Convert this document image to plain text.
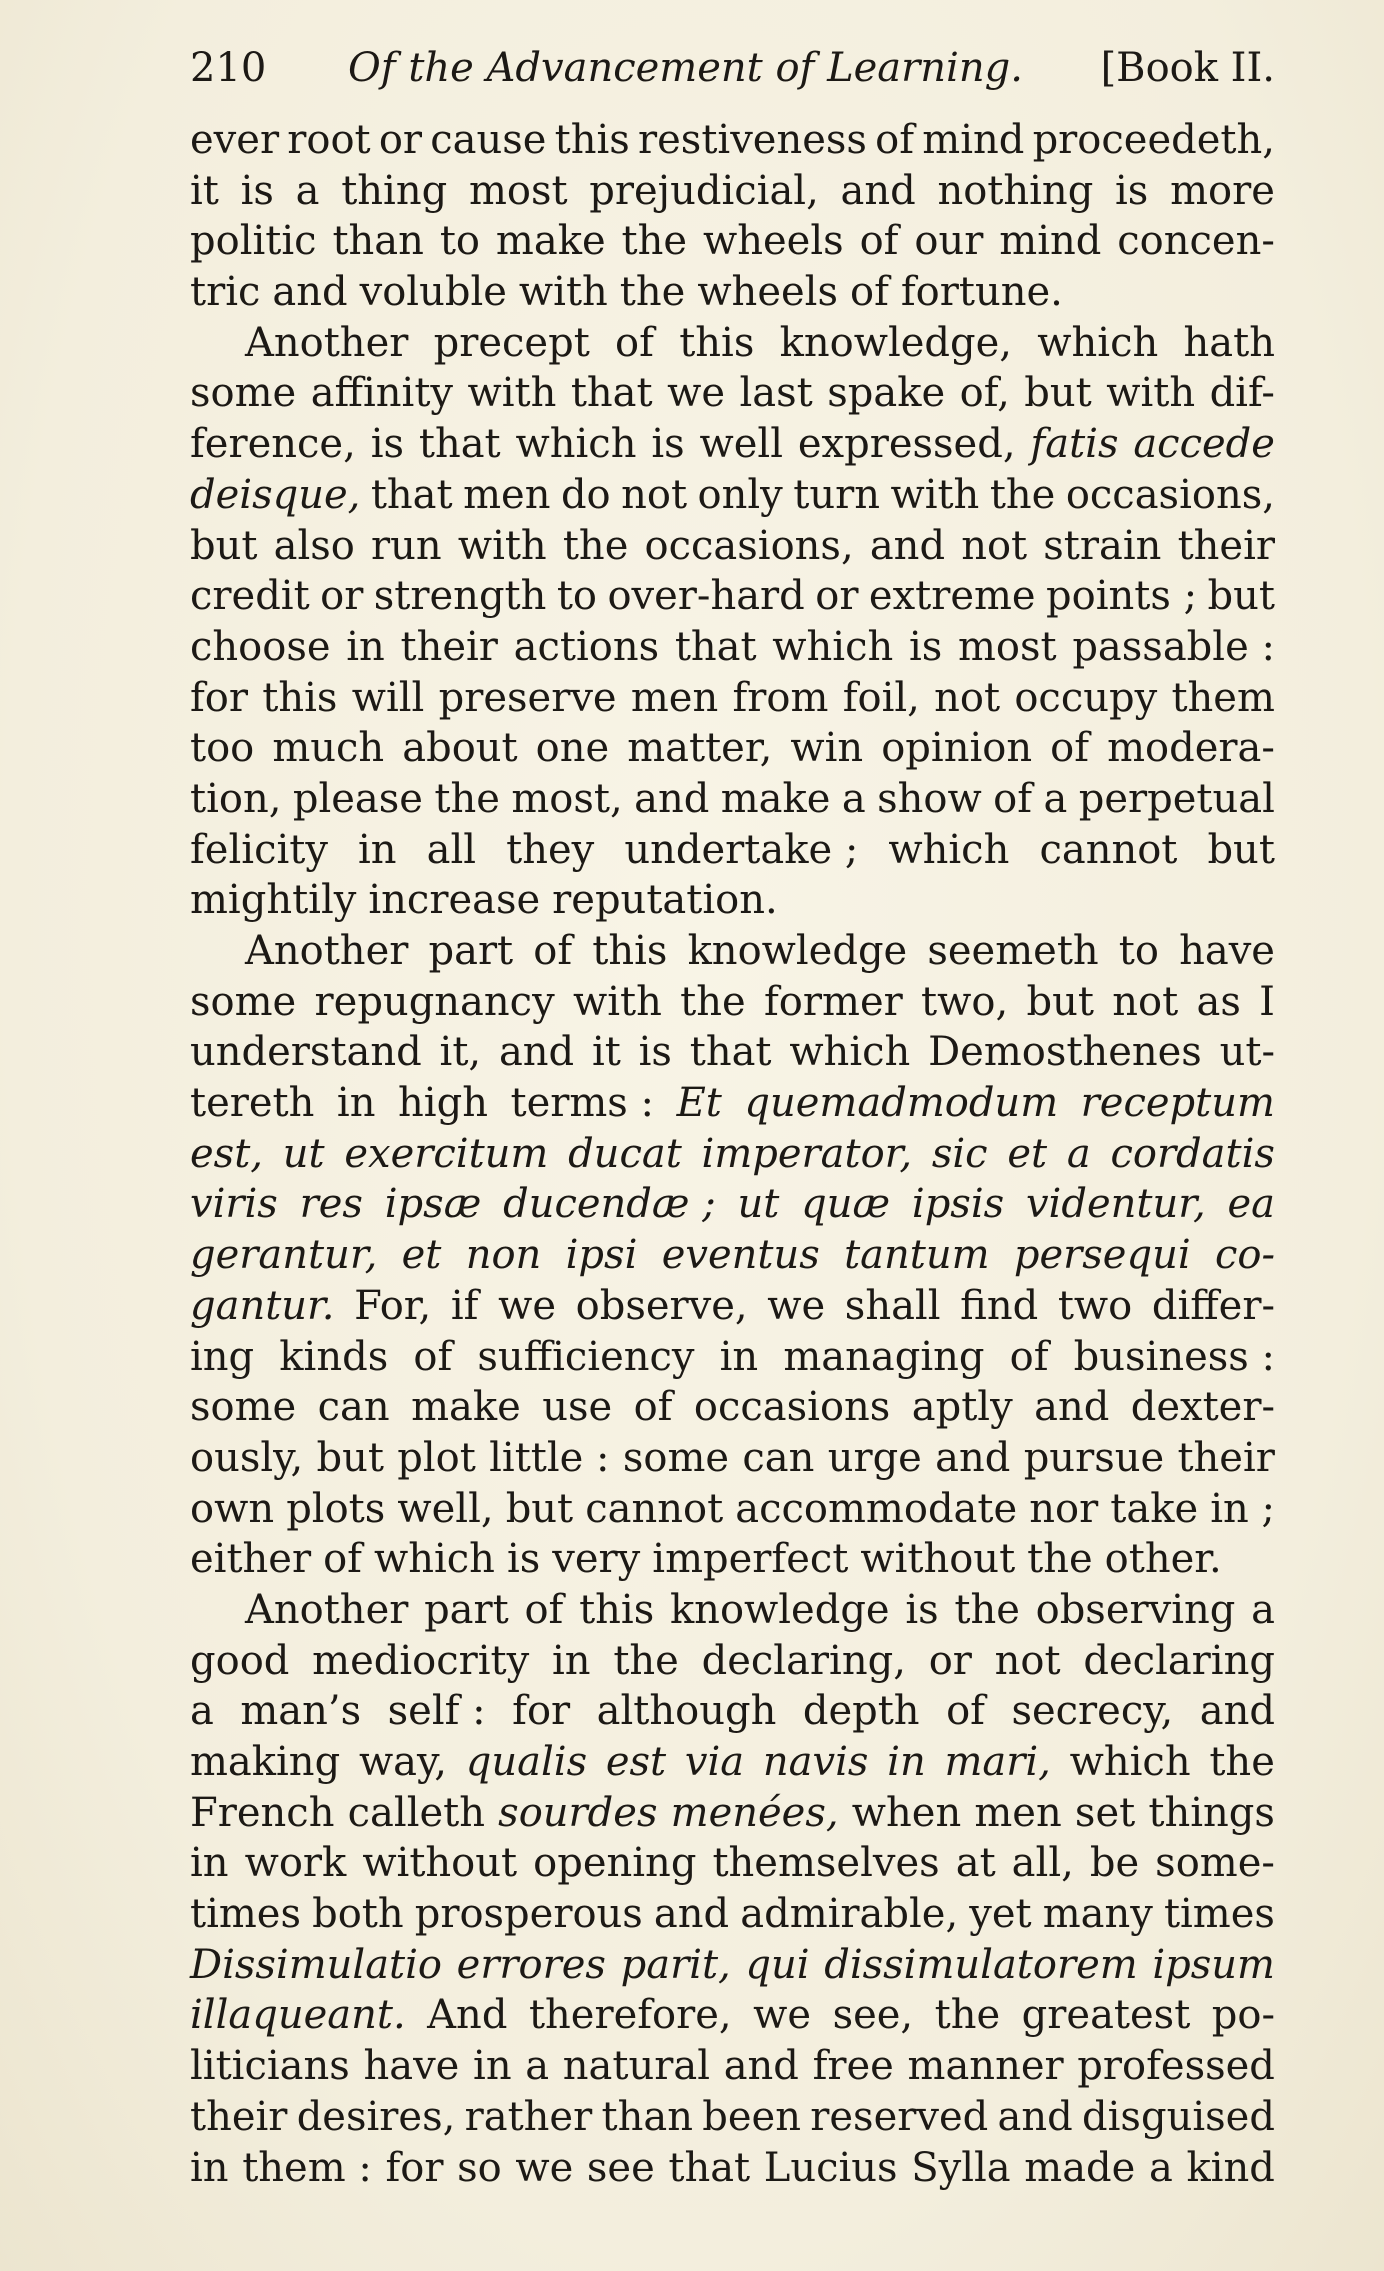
210 Of the Advancement of Learning. [Book II.
ever root or cause this restiveness of mind proceedeth,
it is a thing most prejudicial, and nothing is more
politic than to make the wheels of our mind concen-
tric and voluble with the wheels of fortune.
Another precept of this knowledge, which hath
some affinity with that we last spake of, but with dif-
ference, is that which is well expressed, fatis accede
deisque, that men do not only turn with the occasions,
but also run with the occasions, and not strain their
credit or strength to over-hard or extreme points ; but
choose in their actions that which is most passable :
for this will preserve men from foil, not occupy them
too much about one matter, win opinion of modera-
tion, please the most, and make a show of a perpetual
felicity in all they undertake ; which cannot but
mightily increase reputation.
Another part of this knowledge seemeth to have
some repugnancy with the former two, but not as I
understand it, and it is that which Demosthenes ut-
tereth in high terms : Et quemadmodum receptum
est, ut exercitum ducat imperator, sic et a cordatis
viris res ipsæ ducendæ ; ut quæ ipsis videntur, ea
gerantur, et non ipsi eventus tantum persequi co-
gantur. For, if we observe, we shall find two differ-
ing kinds of sufficiency in managing of business :
some can make use of occasions aptly and dexter-
ously, but plot little : some can urge and pursue their
own plots well, but cannot accommodate nor take in ;
either of which is very imperfect without the other.
Another part of this knowledge is the observing a
good mediocrity in the declaring, or not declaring
a man’s self : for although depth of secrecy, and
making way, qualis est via navis in mari, which the
French calleth sourdes menées, when men set things
in work without opening themselves at all, be some-
times both prosperous and admirable, yet many times
Dissimulatio errores parit, qui dissimulatorem ipsum
illaqueant. And therefore, we see, the greatest po-
liticians have in a natural and free manner professed
their desires, rather than been reserved and disguised
in them : for so we see that Lucius Sylla made a kind
